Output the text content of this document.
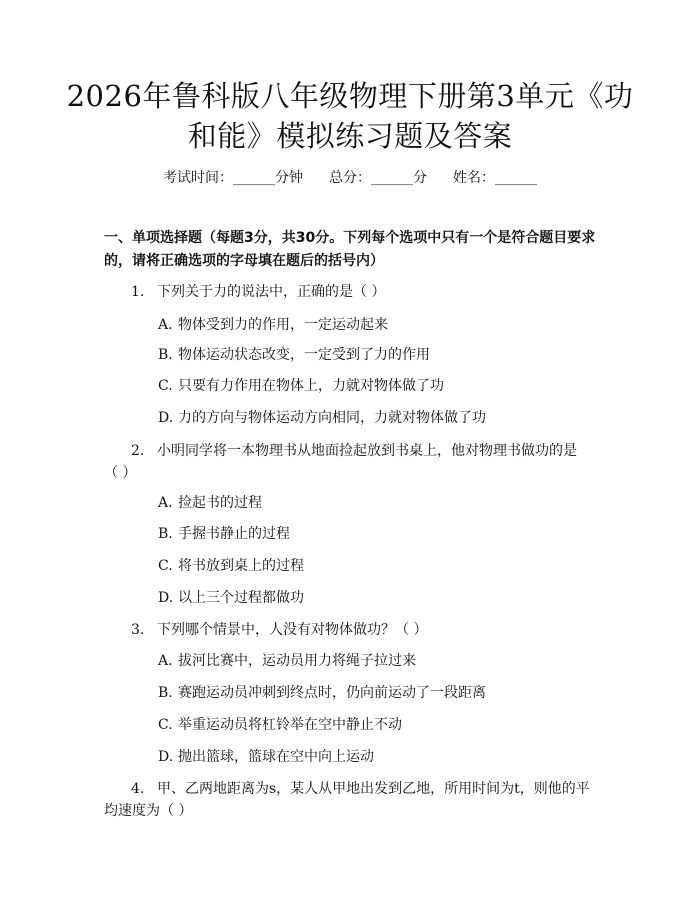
2026年鲁科版八年级物理下册第3单元《功
和能》模拟练习题及答案
考试时间：______分钟 总分：______分 姓名：______
一、单项选择题（每题3分，共30分。下列每个选项中只有一个是符合题目要求
的，请将正确选项的字母填在题后的括号内）
1. 下列关于力的说法中，正确的是（ ）
A. 物体受到力的作用，一定运动起来
B. 物体运动状态改变，一定受到了力的作用
C. 只要有力作用在物体上，力就对物体做了功
D. 力的方向与物体运动方向相同，力就对物体做了功
2. 小明同学将一本物理书从地面捡起放到书桌上，他对物理书做功的是
（ ）
A. 捡起书的过程
B. 手握书静止的过程
C. 将书放到桌上的过程
D. 以上三个过程都做功
3. 下列哪个情景中，人没有对物体做功？（ ）
A. 拔河比赛中，运动员用力将绳子拉过来
B. 赛跑运动员冲刺到终点时，仍向前运动了一段距离
C. 举重运动员将杠铃举在空中静止不动
D. 抛出篮球，篮球在空中向上运动
4. 甲、乙两地距离为s，某人从甲地出发到乙地，所用时间为t，则他的平
均速度为（ ）
